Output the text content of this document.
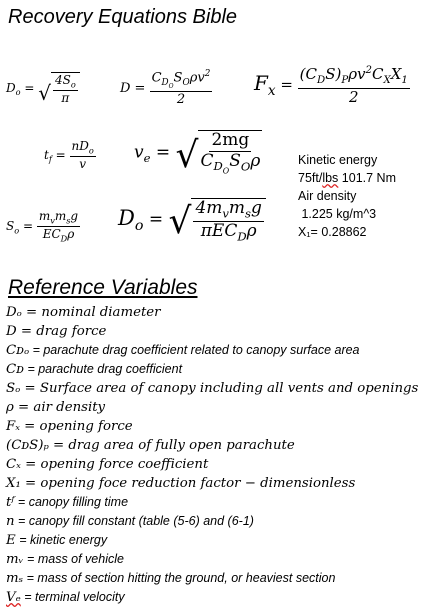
Recovery Equations Bible
$D_o$ = √ $\frac{4S_o}{\pi}$	$D = \frac{C_{D_O}S_O\rho v^2}{2} F_x = \frac{(C_DS)_P\rho v^2C_XX_1}{2}$
$t_f = \frac{nD_o}{v} v_e$ = √ $\frac{2mg}{C_{D_O}S_O\rho}$
$S_o = \frac{m_vm_sg}{EC_D\rho} D_o$ = √ $\frac{4m_vm_sg}{\pi EC_D\rho}$
Kinetic energy
75ft/lbs 101.7 Nm
Air density
1.225 kg/m^3
X₁= 0.28862
Reference Variables
Dₒ = nominal diameter
D = drag force
Cᴅₒ = parachute drag coefficient related to canopy surface area
Cᴅ = parachute drag coefficient
Sₒ = Surface area of canopy including all vents and openings
ρ = air density
Fₓ = opening force
(CᴅS)ₚ = drag area of fully open parachute
Cₓ = opening force coefficient
X₁ = opening foce reduction factor − dimensionless
tᶠ = canopy filling time
n = canopy fill constant (table (5-6) and (6-1)
E = kinetic energy
mᵥ = mass of vehicle
mₛ = mass of section hitting the ground, or heaviest section
Vₑ = terminal velocity
